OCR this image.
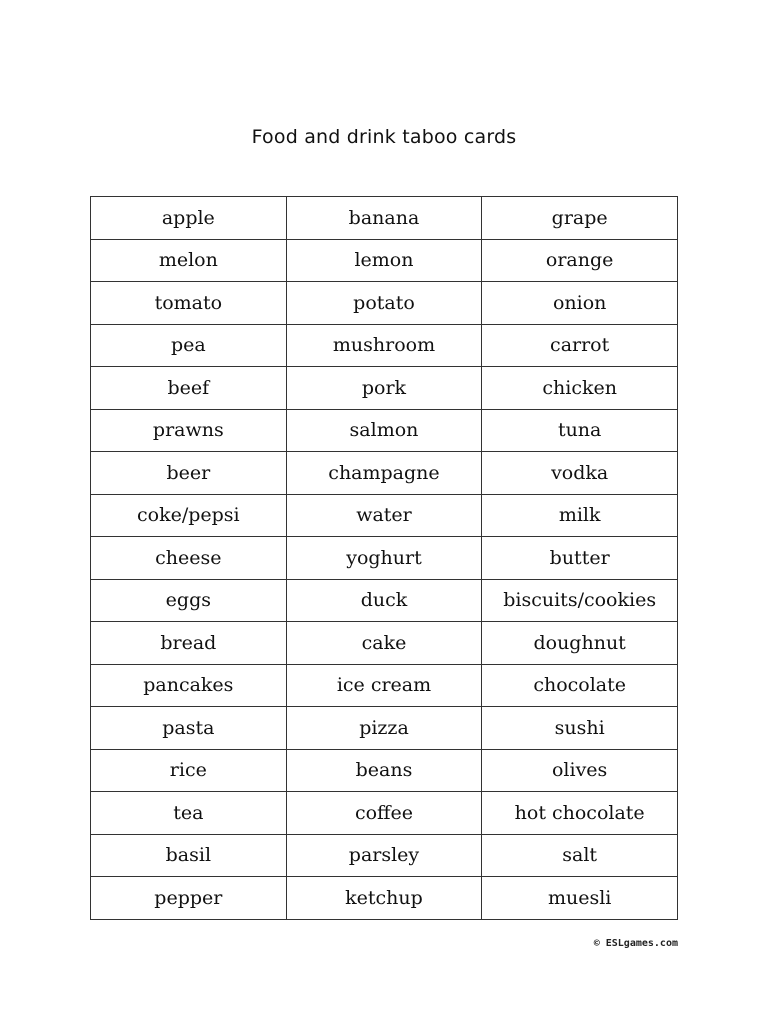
Food and drink taboo cards
apple	banana	grape
melon	lemon	orange
tomato	potato	onion
pea	mushroom	carrot
beef	pork	chicken
prawns	salmon	tuna
beer	champagne	vodka
coke/pepsi	water	milk
cheese	yoghurt	butter
eggs	duck	biscuits/cookies
bread	cake	doughnut
pancakes	ice cream	chocolate
pasta	pizza	sushi
rice	beans	olives
tea	coffee	hot chocolate
basil	parsley	salt
pepper	ketchup	muesli
© ESLgames.com
